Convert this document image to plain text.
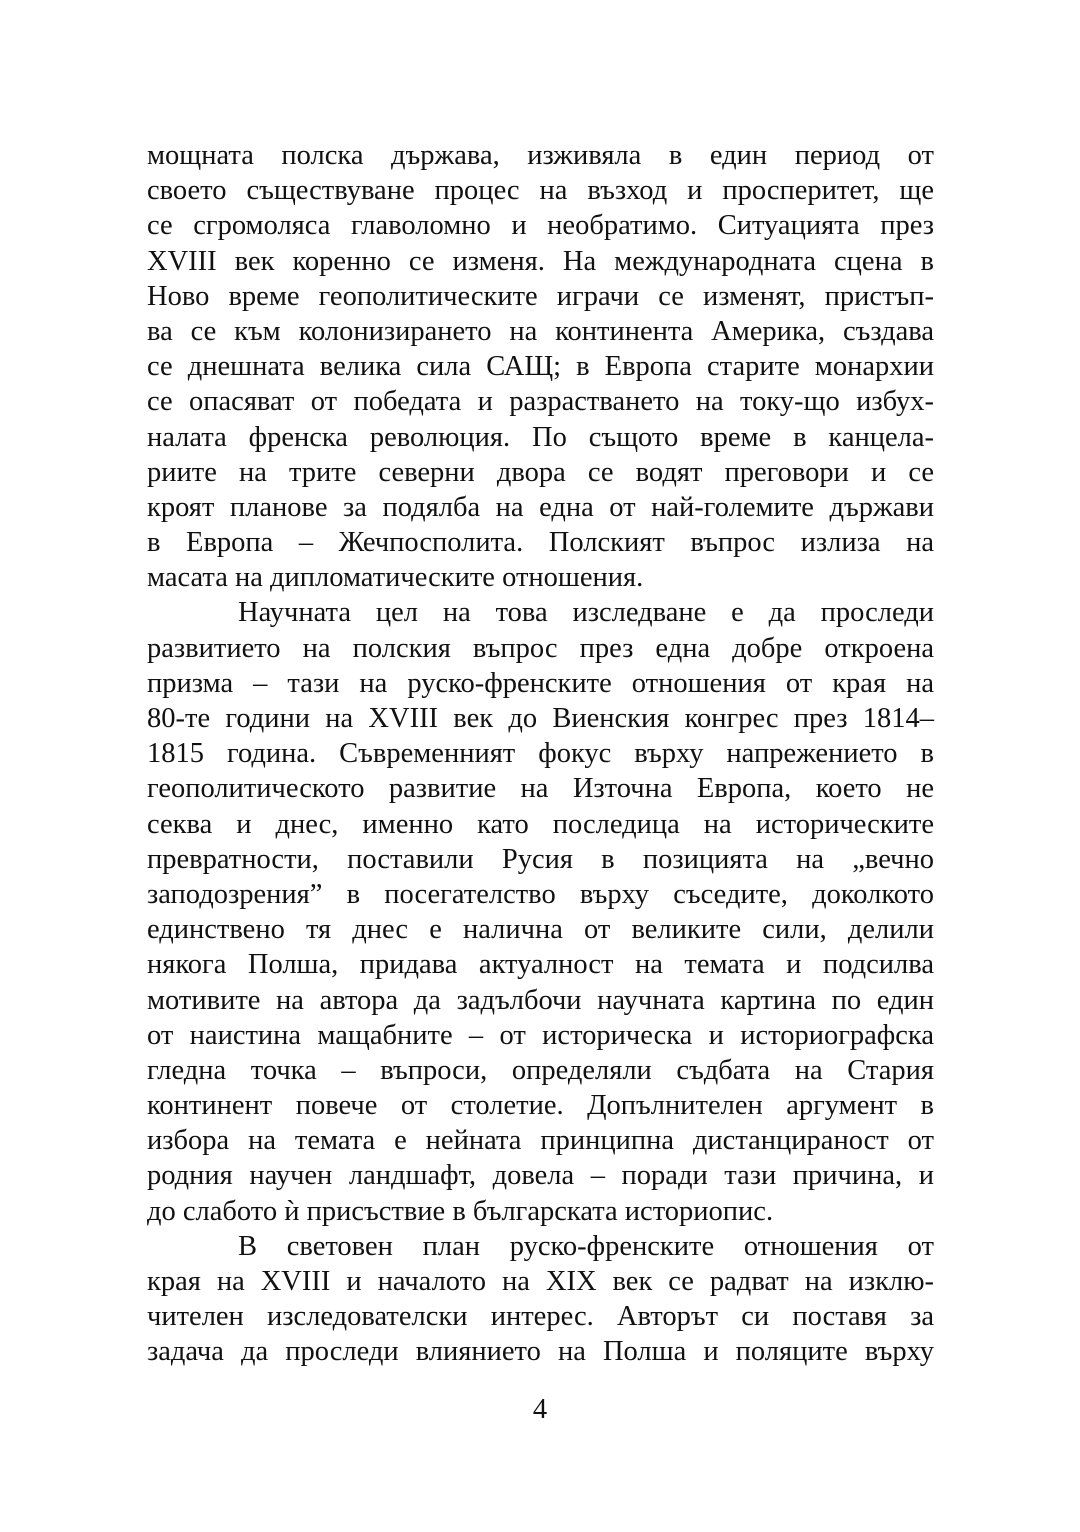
мощната полска държава, изживяла в един период от
своето съществуване процес на възход и просперитет, ще
се сгромоляса главоломно и необратимо. Ситуацията през
XVIII век коренно се изменя. На международната сцена в
Ново време геополитическите играчи се изменят, пристъп-
ва се към колонизирането на континента Америка, създава
се днешната велика сила САЩ; в Европа старите монархии
се опасяват от победата и разрастването на току-що избух-
налата френска революция. По същото време в канцела-
риите на трите северни двора се водят преговори и се
кроят планове за подялба на една от най-големите държави
в Европа – Жечпосполита. Полският въпрос излиза на
масата на дипломатическите отношения.
Научната цел на това изследване е да проследи
развитието на полския въпрос през една добре откроена
призма – тази на руско-френските отношения от края на
80-те години на XVIII век до Виенския конгрес през 1814–
1815 година. Съвременният фокус върху напрежението в
геополитическото развитие на Източна Европа, което не
секва и днес, именно като последица на историческите
превратности, поставили Русия в позицията на „вечно
заподозрения” в посегателство върху съседите, доколкото
единствено тя днес е налична от великите сили, делили
някога Полша, придава актуалност на темата и подсилва
мотивите на автора да задълбочи научната картина по един
от наистина мащабните – от историческа и историографска
гледна точка – въпроси, определяли съдбата на Стария
континент повече от столетие. Допълнителен аргумент в
избора на темата е нейната принципна дистанцираност от
родния научен ландшафт, довела – поради тази причина, и
до слабото ѝ присъствие в българската историопис.
В световен план руско-френските отношения от
края на XVIII и началото на XIX век се радват на изклю-
чителен изследователски интерес. Авторът си поставя за
задача да проследи влиянието на Полша и поляците върху
4
